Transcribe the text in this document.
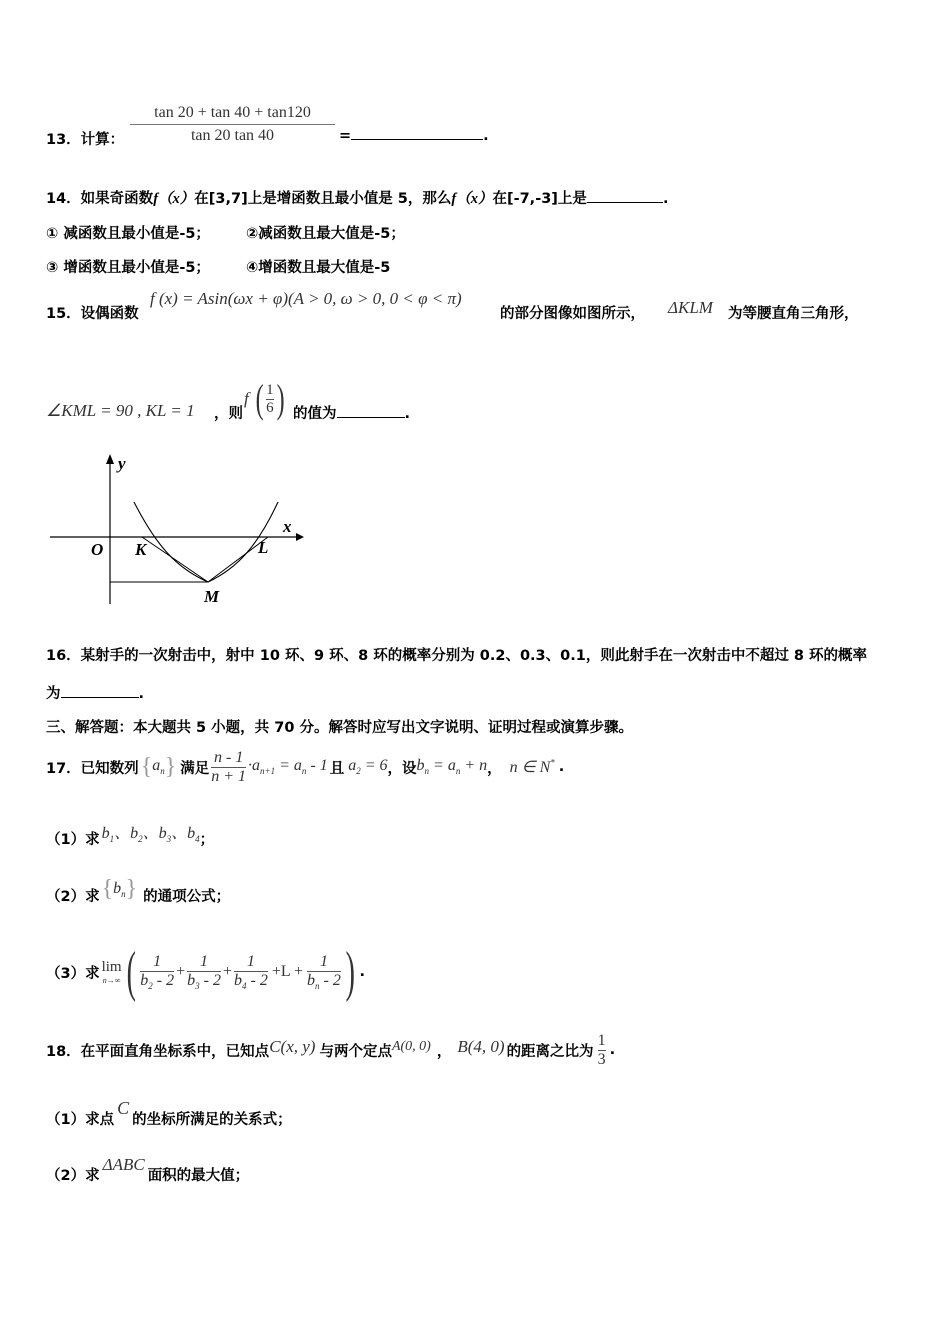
13．计算：
tan 20 + tan 40 + tan120
tan 20 tan 40	=	.
14．如果奇函数f（x）在[3,7]上是增函数且最小值是 5，那么f（x）在[-7,-3]上是	.
① 减函数且最小值是-5； ②减函数且最大值是-5；
③ 增函数且最小值是-5； ④增函数且最大值是-5
15．设偶函数
f (x) = Asin(ωx + φ)(A > 0, ω > 0, 0 < φ < π)
的部分图像如图所示， ΔKLM 为等腰直角三角形，
∠KML = 90 , KL = 1 ，则
f ( $\frac{1}{6}$ ) 的值为	.
y
x
O K	L
M
16．某射手的一次射击中，射中 10 环、9 环、8 环的概率分别为 0.2、0.3、0.1，则此射手在一次射击中不超过 8 环的概率
为	.
三、解答题：本大题共 5 小题，共 70 分。解答时应写出文字说明、证明过程或演算步骤。
17．已知数列 { $a_n$ } 满足 $\frac{n - 1}{n + 1} \cdot a_{n+1} = a_n - 1$ 且 $a_2 = 6$ ，设 $b_n = a_n + n$ ， n ∈ N* .
（1）求 $b_1$、$b_2$、$b_3$、$b_4$ ；
（2）求 { $b_n$ } 的通项公式；
（3）求 lim
n→∞ ( $\frac{1}{b_2 - 2} + \frac{1}{b_3 - 2} + \frac{1}{b_4 - 2} +L + \frac{1}{b_n - 2}$ ) .
18．在平面直角坐标系中，已知点 C(x, y) 与两个定点 A(0, 0) ， B(4, 0) 的距离之比为 $\frac{1}{3}$ .
（1）求点
C
的坐标所满足的关系式；
（2）求
ΔABC
面积的最大值；
